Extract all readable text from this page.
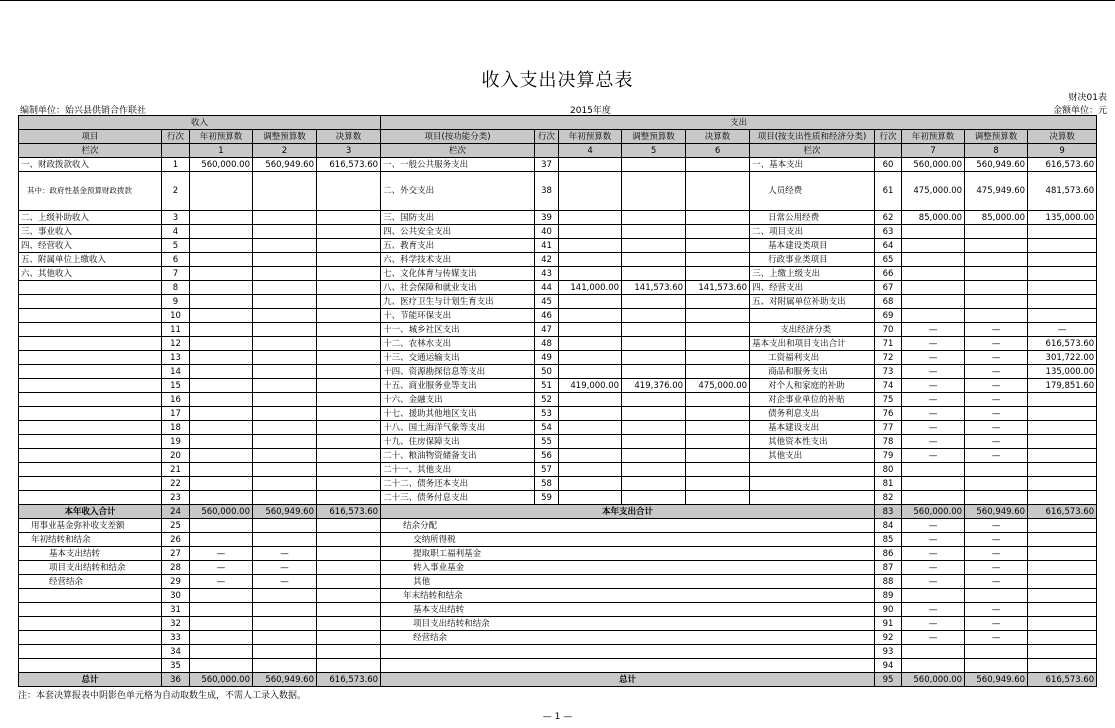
收入支出决算总表
财决01表
编制单位：始兴县供销合作联社	2015年度	金额单位：元
收入					支出									
项目	行次	年初预算数	调整预算数	决算数	项目(按功能分类)	行次	年初预算数	调整预算数	决算数	项目(按支出性质和经济分类)	行次	年初预算数	调整预算数	决算数
栏次		1	2	3	栏次		4	5	6	栏次		7	8	9
一、财政拨款收入	1	560,000.00	560,949.60	616,573.60	一、一般公共服务支出	37				一、基本支出	60	560,000.00	560,949.60	616,573.60
其中：政府性基金预算财政拨款	2				二、外交支出	38				人员经费	61	475,000.00	475,949.60	481,573.60
二、上级补助收入	3				三、国防支出	39				日常公用经费	62	85,000.00	85,000.00	135,000.00
三、事业收入	4				四、公共安全支出	40				二、项目支出	63			
四、经营收入	5				五、教育支出	41				基本建设类项目	64			
五、附属单位上缴收入	6				六、科学技术支出	42				行政事业类项目	65			
六、其他收入	7				七、文化体育与传媒支出	43				三、上缴上级支出	66			
	8				八、社会保障和就业支出	44	141,000.00	141,573.60	141,573.60	四、经营支出	67			
	9				九、医疗卫生与计划生育支出	45				五、对附属单位补助支出	68			
	10				十、节能环保支出	46					69			
	11				十一、城乡社区支出	47				支出经济分类	70	—	—	—
	12				十二、农林水支出	48				基本支出和项目支出合计	71	—	—	616,573.60
	13				十三、交通运输支出	49				工资福利支出	72	—	—	301,722.00
	14				十四、资源勘探信息等支出	50				商品和服务支出	73	—	—	135,000.00
	15				十五、商业服务业等支出	51	419,000.00	419,376.00	475,000.00	对个人和家庭的补助	74	—	—	179,851.60
	16				十六、金融支出	52				对企事业单位的补贴	75	—	—	
	17				十七、援助其他地区支出	53				债务利息支出	76	—	—	
	18				十八、国土海洋气象等支出	54				基本建设支出	77	—	—	
	19				十九、住房保障支出	55				其他资本性支出	78	—	—	
	20				二十、粮油物资储备支出	56				其他支出	79	—	—	
	21				二十一、其他支出	57					80			
	22				二十二、债务还本支出	58					81			
	23				二十三、债务付息支出	59					82			
本年收入合计	24	560,000.00	560,949.60	616,573.60	本年支出合计						83	560,000.00	560,949.60	616,573.60
用事业基金弥补收支差额	25				结余分配						84	—	—	
年初结转和结余	26				交纳所得税						85	—	—	
基本支出结转	27	—	—		提取职工福利基金						86	—	—	
项目支出结转和结余	28	—	—		转入事业基金						87	—	—	
经营结余	29	—	—		其他						88	—	—	
	30				年末结转和结余						89			
	31				基本支出结转						90	—	—	
	32				项目支出结转和结余						91	—	—	
	33				经营结余						92	—	—	
	34										93			
	35										94			
总计	36	560,000.00	560,949.60	616,573.60	总计						95	560,000.00	560,949.60	616,573.60
注：本套决算报表中阴影色单元格为自动取数生成，不需人工录入数据。
— 1 —
